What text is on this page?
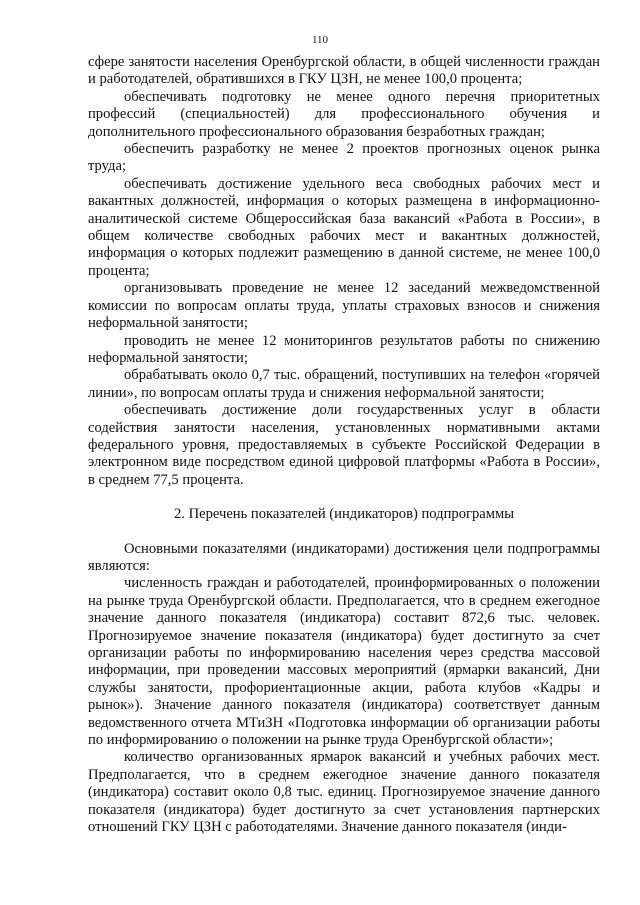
110

сфере занятости населения Оренбургской области, в общей численности граждан и работодателей, обратившихся в ГКУ ЦЗН, не менее 100,0 процента;

обеспечивать подготовку не менее одного перечня приоритетных профессий (специальностей) для профессионального обучения и дополнительного профессионального образования безработных граждан;

обеспечить разработку не менее 2 проектов прогнозных оценок рынка труда;

обеспечивать достижение удельного веса свободных рабочих мест и вакантных должностей, информация о которых размещена в информационно-аналитической системе Общероссийская база вакансий «Работа в России», в общем количестве свободных рабочих мест и вакантных должностей, информация о которых подлежит размещению в данной системе, не менее 100,0 процента;

организовывать проведение не менее 12 заседаний межведомственной комиссии по вопросам оплаты труда, уплаты страховых взносов и снижения неформальной занятости;

проводить не менее 12 мониторингов результатов работы по снижению неформальной занятости;

обрабатывать около 0,7 тыс. обращений, поступивших на телефон «горячей линии», по вопросам оплаты труда и снижения неформальной занятости;

обеспечивать достижение доли государственных услуг в области содействия занятости населения, установленных нормативными актами федерального уровня, предоставляемых в субъекте Российской Федерации в электронном виде посредством единой цифровой платформы «Работа в России», в среднем 77,5 процента.

2. Перечень показателей (индикаторов) подпрограммы

Основными показателями (индикаторами) достижения цели подпрограммы являются:

численность граждан и работодателей, проинформированных о положении на рынке труда Оренбургской области. Предполагается, что в среднем ежегодное значение данного показателя (индикатора) составит 872,6 тыс. человек. Прогнозируемое значение показателя (индикатора) будет достигнуто за счет организации работы по информированию населения через средства массовой информации, при проведении массовых мероприятий (ярмарки вакансий, Дни службы занятости, профориентационные акции, работа клубов «Кадры и рынок»). Значение данного показателя (индикатора) соответствует данным ведомственного отчета МТиЗН «Подготовка информации об организации работы по информированию о положении на рынке труда Оренбургской области»;

количество организованных ярмарок вакансий и учебных рабочих мест. Предполагается, что в среднем ежегодное значение данного показателя (индикатора) составит около 0,8 тыс. единиц. Прогнозируемое значение данного показателя (индикатора) будет достигнуто за счет установления партнерских отношений ГКУ ЦЗН с работодателями. Значение данного показателя (инди-
